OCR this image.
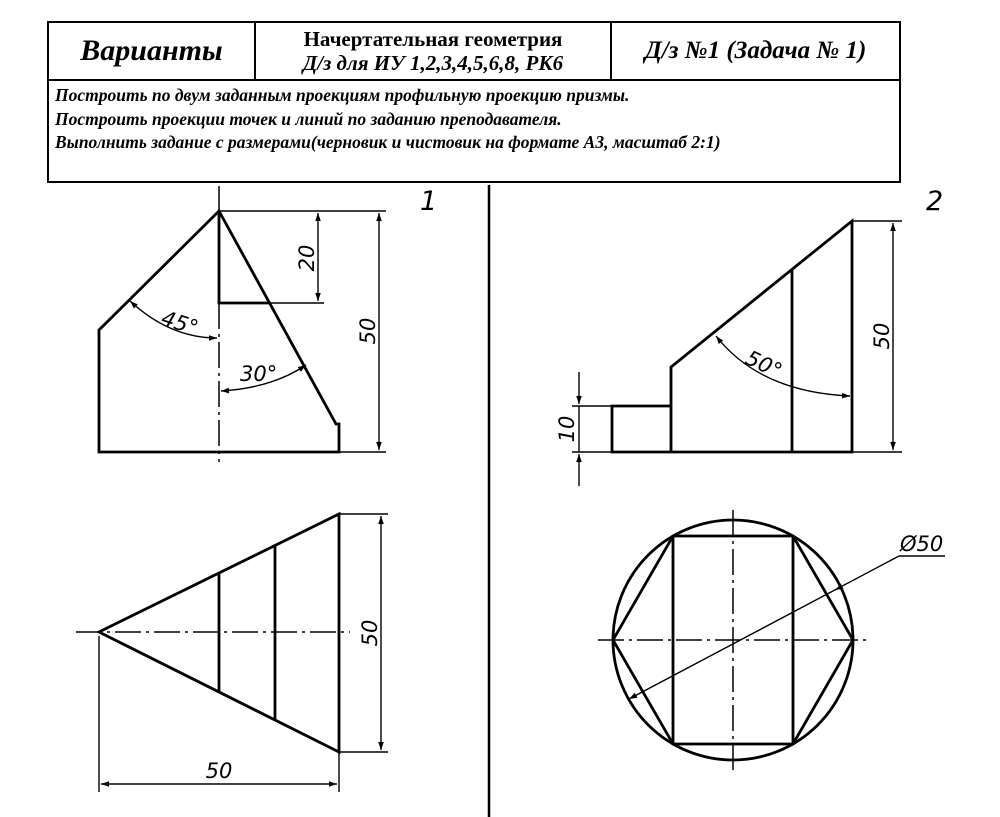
Варианты	Начертательная геометрия
Д/з для ИУ 1,2,3,4,5,6,8, РК6	Д/з №1 (Задача № 1)
Построить по двум заданным проекциям профильную проекцию призмы.
Построить проекции точек и линий по заданию преподавателя.
Выполнить задание с размерами(черновик и чистовик на формате А3, масштаб 2:1)
1
20
50
45°
30°
50
50
2
10
50
50°
Ø50
